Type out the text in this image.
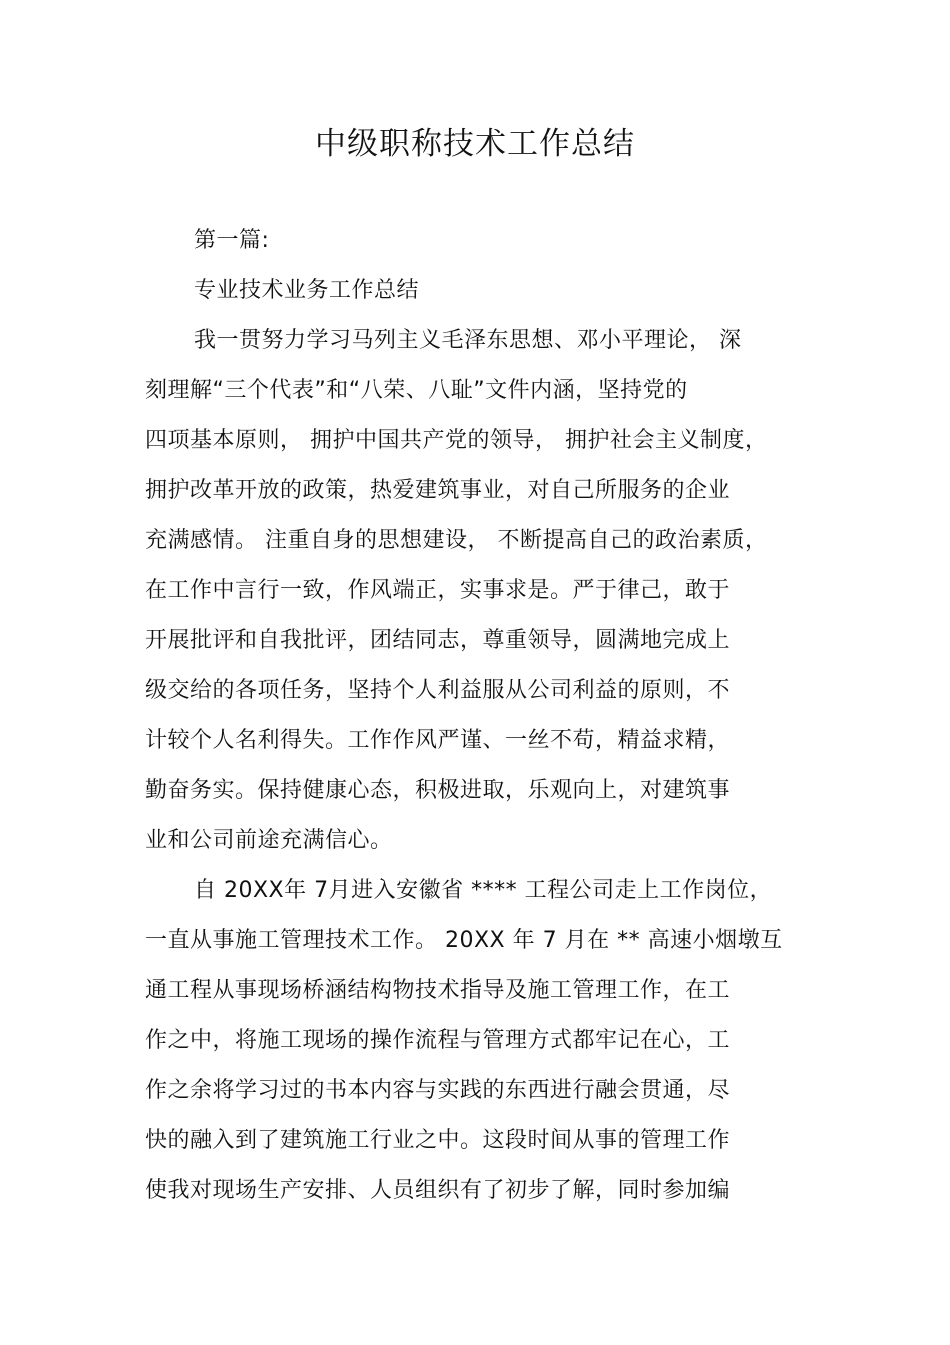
中级职称技术工作总结
第一篇:
专业技术业务工作总结
我一贯努力学习马列主义毛泽东思想、邓小平理论， 深
刻理解“三个代表”和“八荣、八耻”文件内涵，坚持党的
四项基本原则， 拥护中国共产党的领导， 拥护社会主义制度，
拥护改革开放的政策，热爱建筑事业，对自己所服务的企业
充满感情。 注重自身的思想建设， 不断提高自己的政治素质，
在工作中言行一致，作风端正，实事求是。严于律己，敢于
开展批评和自我批评，团结同志，尊重领导，圆满地完成上
级交给的各项任务，坚持个人利益服从公司利益的原则，不
计较个人名利得失。工作作风严谨、一丝不苟，精益求精，
勤奋务实。保持健康心态，积极进取，乐观向上，对建筑事
业和公司前途充满信心。
自 20XX年 7月进入安徽省 **** 工程公司走上工作岗位，
一直从事施工管理技术工作。 20XX 年 7 月在 ** 高速小烟墩互
通工程从事现场桥涵结构物技术指导及施工管理工作，在工
作之中，将施工现场的操作流程与管理方式都牢记在心，工
作之余将学习过的书本内容与实践的东西进行融会贯通，尽
快的融入到了建筑施工行业之中。这段时间从事的管理工作
使我对现场生产安排、人员组织有了初步了解，同时参加编
